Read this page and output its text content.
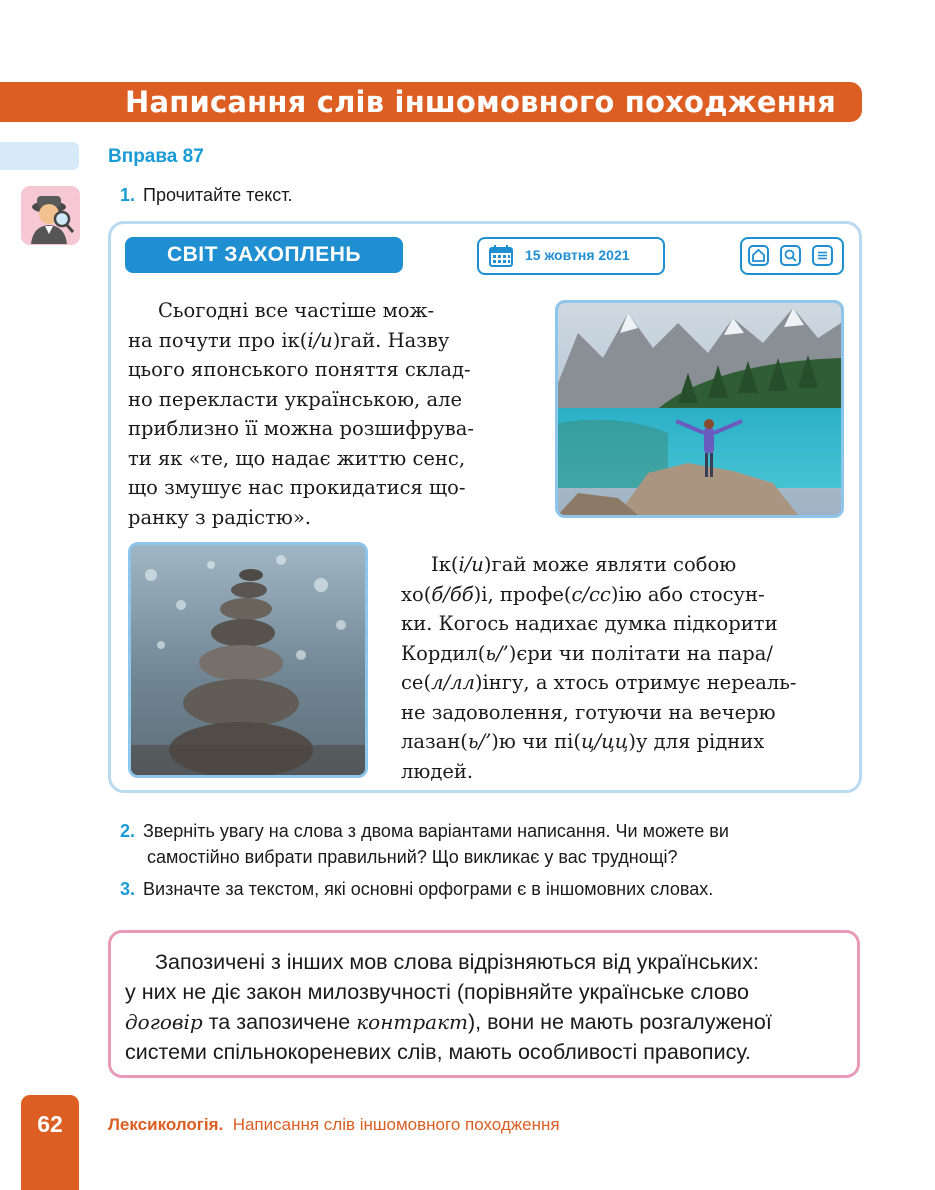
Написання слів іншомовного походження
Вправа 87
1. Прочитайте текст.
СВІТ ЗАХОПЛЕНЬ	15 жовтня 2021
Сьогодні все частіше мож-
на почути про ік(і/и)гай. Назву
цього японського поняття склад-
но перекласти українською, але
приблизно її можна розшифрува-
ти як «те, що надає життю сенс,
що змушує нас прокидатися що-
ранку з радістю».
Ік(і/и)гай може являти собою
хо(б/бб)і, профе(с/сс)ію або стосун-
ки. Когось надихає думка підкорити
Кордил(ь/’)єри чи політати на пара/
се(л/лл)інгу, а хтось отримує нереаль-
не задоволення, готуючи на вечерю
лазан(ь/’)ю чи пі(ц/цц)у для рідних
людей.
2. Зверніть увагу на слова з двома варіантами написання. Чи можете ви
самостійно вибрати правильний? Що викликає у вас труднощі?
3. Визначте за текстом, які основні орфограми є в іншомовних словах.
Запозичені з інших мов слова відрізняються від українських:
у них не діє закон милозвучності (порівняйте українське слово
договір та запозичене контракт), вони не мають розгалуженої
системи спільнокореневих слів, мають особливості правопису.
62	Лексикологія. Написання слів іншомовного походження
